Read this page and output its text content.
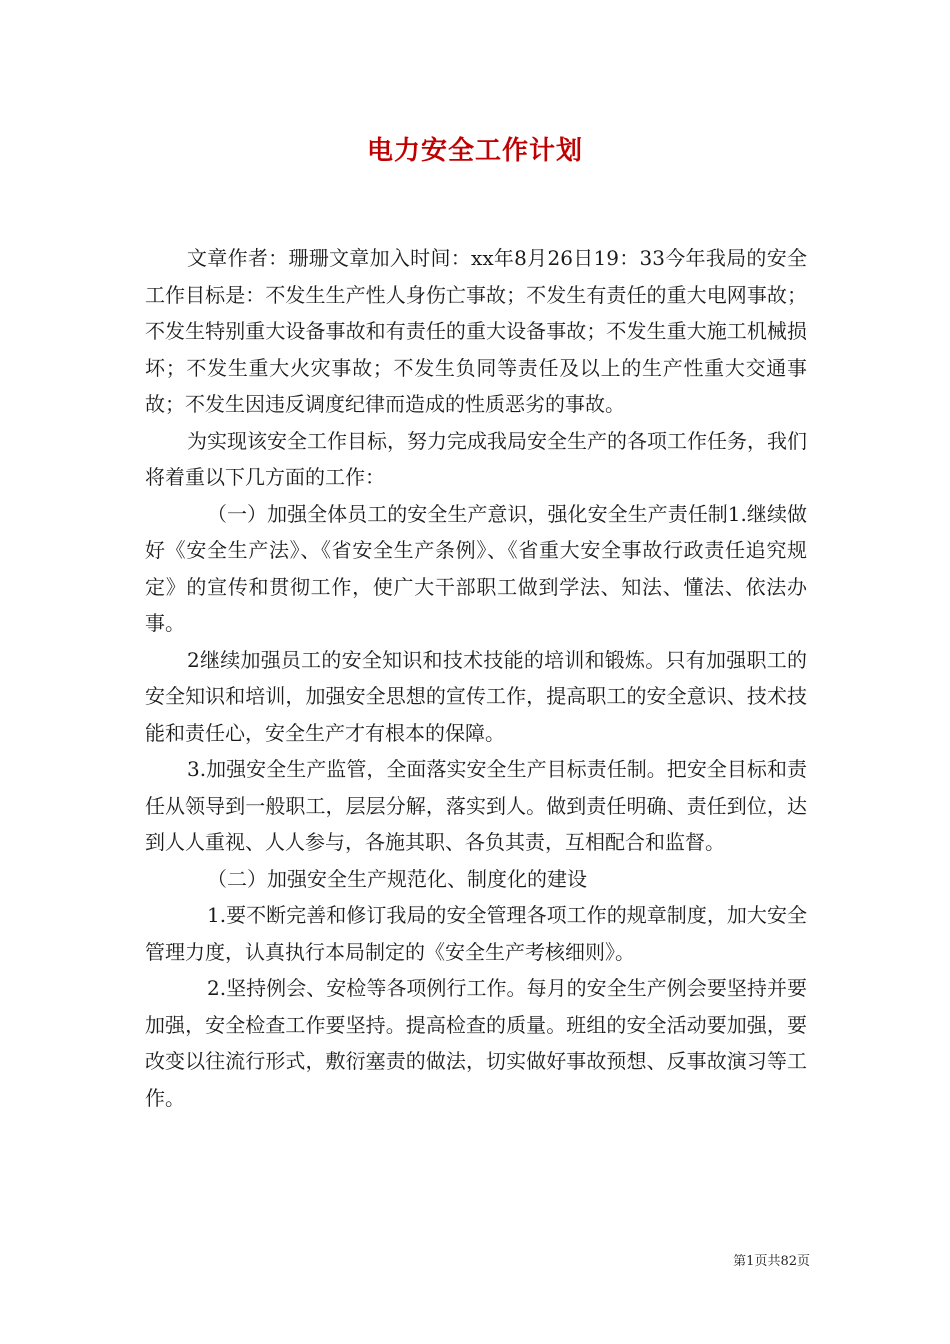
电力安全工作计划

文章作者：珊珊文章加入时间：xx年8月26日19：33今年我局的安全工作目标是：不发生生产性人身伤亡事故；不发生有责任的重大电网事故；不发生特别重大设备事故和有责任的重大设备事故；不发生重大施工机械损坏；不发生重大火灾事故；不发生负同等责任及以上的生产性重大交通事故；不发生因违反调度纪律而造成的性质恶劣的事故。

为实现该安全工作目标，努力完成我局安全生产的各项工作任务，我们将着重以下几方面的工作：

（一）加强全体员工的安全生产意识，强化安全生产责任制1.继续做好《安全生产法》、《省安全生产条例》、《省重大安全事故行政责任追究规定》的宣传和贯彻工作，使广大干部职工做到学法、知法、懂法、依法办事。

2继续加强员工的安全知识和技术技能的培训和锻炼。只有加强职工的安全知识和培训，加强安全思想的宣传工作，提高职工的安全意识、技术技能和责任心，安全生产才有根本的保障。

3.加强安全生产监管，全面落实安全生产目标责任制。把安全目标和责任从领导到一般职工，层层分解，落实到人。做到责任明确、责任到位，达到人人重视、人人参与，各施其职、各负其责，互相配合和监督。

（二）加强安全生产规范化、制度化的建设

1.要不断完善和修订我局的安全管理各项工作的规章制度，加大安全管理力度，认真执行本局制定的《安全生产考核细则》。

2.坚持例会、安检等各项例行工作。每月的安全生产例会要坚持并要加强，安全检查工作要坚持。提高检查的质量。班组的安全活动要加强，要改变以往流行形式，敷衍塞责的做法，切实做好事故预想、反事故演习等工作。

第1页共82页
